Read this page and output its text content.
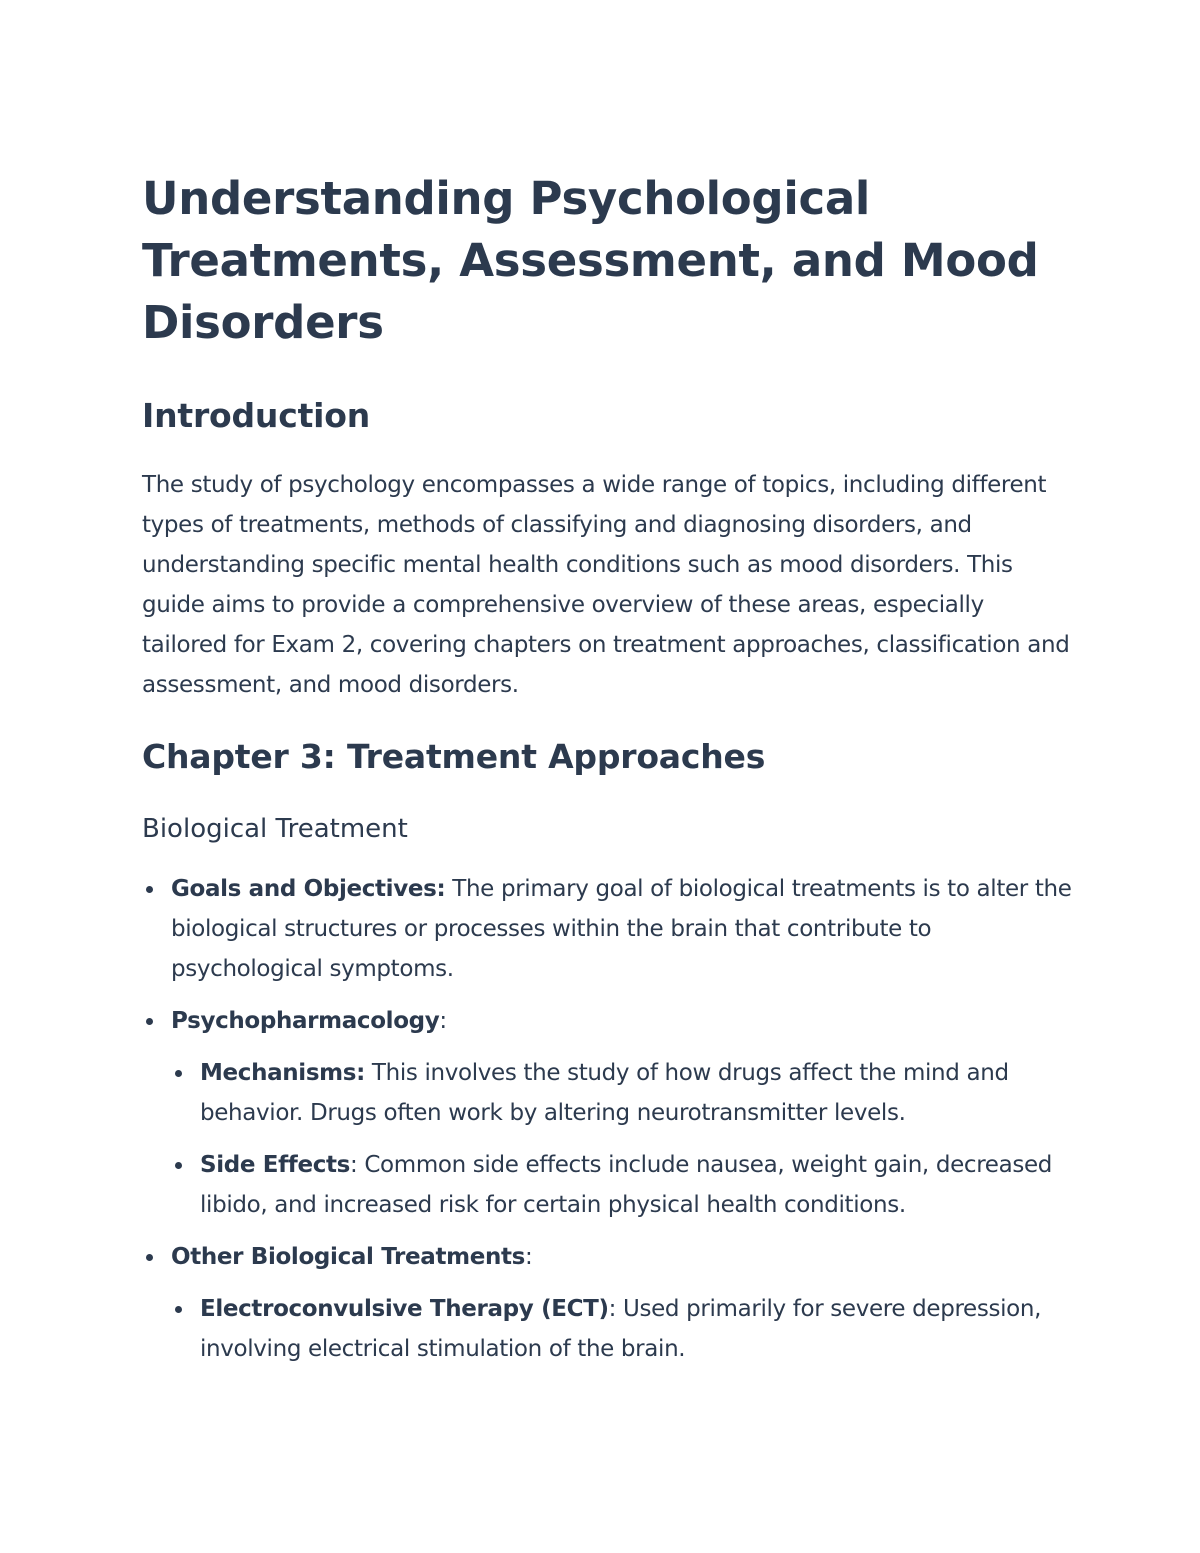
Understanding Psychological Treatments, Assessment, and Mood Disorders
Introduction

The study of psychology encompasses a wide range of topics, including different types of treatments, methods of classifying and diagnosing disorders, and understanding specific mental health conditions such as mood disorders. This guide aims to provide a comprehensive overview of these areas, especially tailored for Exam 2, covering chapters on treatment approaches, classification and assessment, and mood disorders.

Chapter 3: Treatment Approaches
Biological Treatment
Goals and Objectives: The primary goal of biological treatments is to alter the biological structures or processes within the brain that contribute to psychological symptoms.
Psychopharmacology:
Mechanisms: This involves the study of how drugs affect the mind and behavior. Drugs often work by altering neurotransmitter levels.
Side Effects: Common side effects include nausea, weight gain, decreased libido, and increased risk for certain physical health conditions.
Other Biological Treatments:
Electroconvulsive Therapy (ECT): Used primarily for severe depression, involving electrical stimulation of the brain.
